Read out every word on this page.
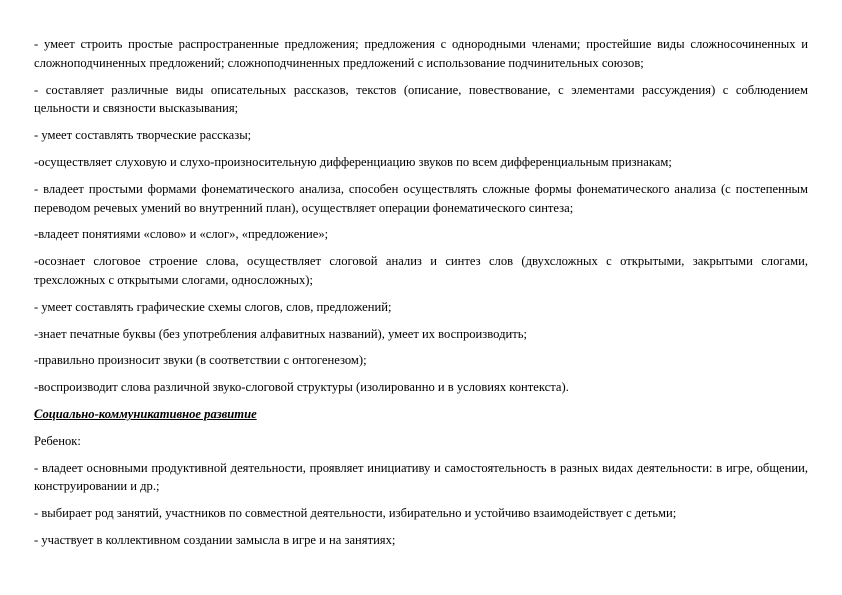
- умеет строить простые распространенные предложения; предложения с однородными членами; простейшие виды сложносочиненных и сложноподчиненных предложений; сложноподчиненных предложений с использование подчинительных союзов;

- составляет различные виды описательных рассказов, текстов (описание, повествование, с элементами рассуждения) с соблюдением цельности и связности высказывания;

- умеет составлять творческие рассказы;

-осуществляет слуховую и слухо-произносительную дифференциацию звуков по всем дифференциальным признакам;

- владеет простыми формами фонематического анализа, способен осуществлять сложные формы фонематического анализа (с постепенным переводом речевых умений во внутренний план), осуществляет операции фонематического синтеза;

-владеет понятиями «слово» и «слог», «предложение»;

-осознает слоговое строение слова, осуществляет слоговой анализ и синтез слов (двухсложных с открытыми, закрытыми слогами, трехсложных с открытыми слогами, односложных);

- умеет составлять графические схемы слогов, слов, предложений;

-знает печатные буквы (без употребления алфавитных названий), умеет их воспроизводить;

-правильно произносит звуки (в соответствии с онтогенезом);

-воспроизводит слова различной звуко-слоговой структуры (изолированно и в условиях контекста).

Социально-коммуникативное развитие

Ребенок:

- владеет основными продуктивной деятельности, проявляет инициативу и самостоятельность в разных видах деятельности: в игре, общении, конструировании и др.;

- выбирает род занятий, участников по совместной деятельности, избирательно и устойчиво взаимодействует с детьми;

- участвует в коллективном создании замысла в игре и на занятиях;
